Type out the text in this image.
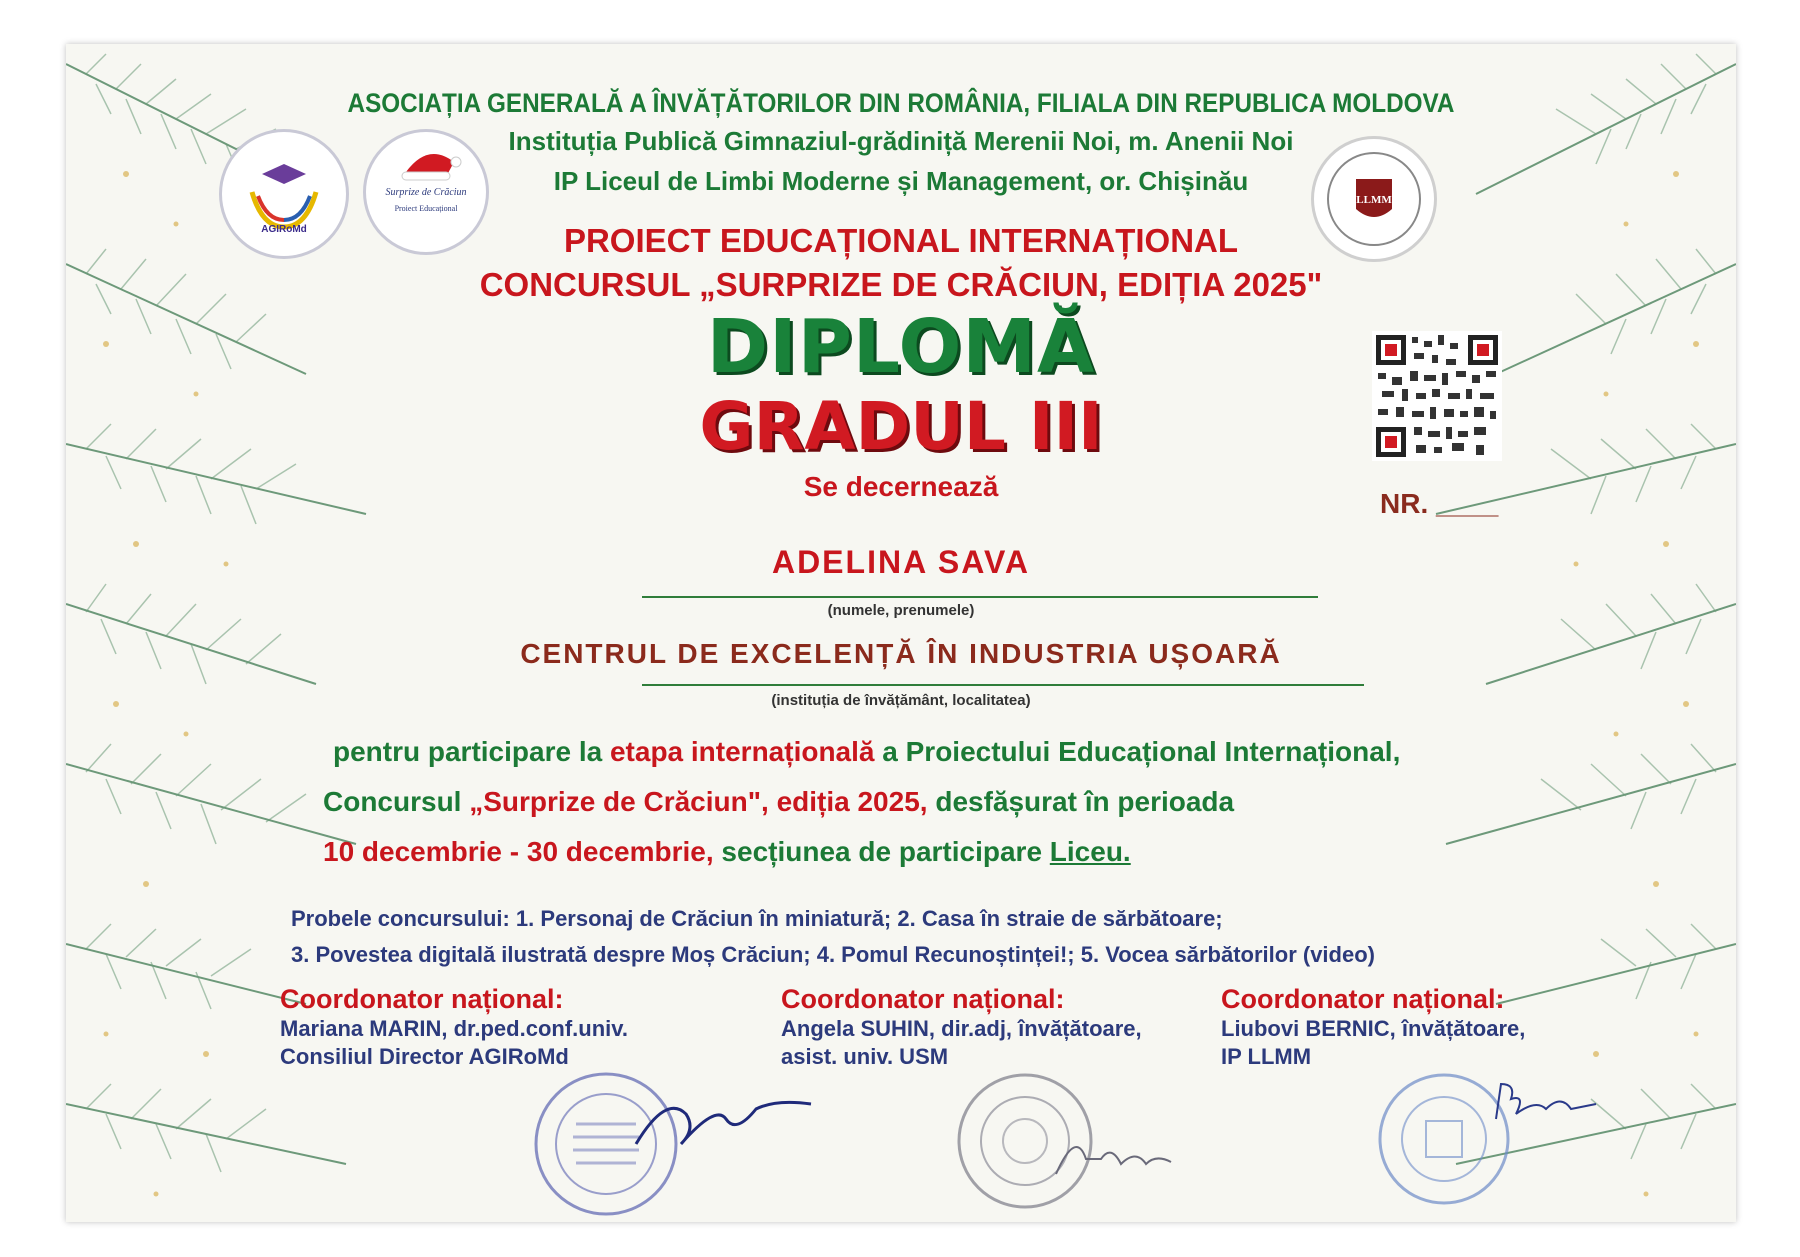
AGIRoMd
Surprize de Crăciun
Proiect Educațional
LLMM
ASOCIAȚIA GENERALĂ A ÎNVĂȚĂTORILOR DIN ROMÂNIA, FILIALA DIN REPUBLICA MOLDOVA
Instituția Publică Gimnaziul-grădiniță Merenii Noi, m. Anenii Noi
IP Liceul de Limbi Moderne și Management, or. Chișinău
PROIECT EDUCAȚIONAL INTERNAȚIONAL
CONCURSUL „SURPRIZE DE CRĂCIUN, EDIȚIA 2025"
DIPLOMĂ
GRADUL III
Se decernează
NR. ____
ADELINA SAVA
(numele, prenumele)
CENTRUL DE EXCELENȚĂ ÎN INDUSTRIA UȘOARĂ
(instituția de învățământ, localitatea)
pentru participare la etapa internațională a Proiectului Educațional Internațional,
Concursul „Surprize de Crăciun", ediția 2025, desfășurat în perioada
10 decembrie - 30 decembrie, secțiunea de participare Liceu.
Probele concursului: 1. Personaj de Crăciun în miniatură; 2. Casa în straie de sărbătoare;
3. Povestea digitală ilustrată despre Moș Crăciun; 4. Pomul Recunoștinței!; 5. Vocea sărbătorilor (video)
Coordonator național:
Mariana MARIN, dr.ped.conf.univ.
Consiliul Director AGIRoMd
Coordonator național:
Angela SUHIN, dir.adj, învățătoare,
asist. univ. USM
Coordonator național:
Liubovi BERNIC, învățătoare,
IP LLMM
